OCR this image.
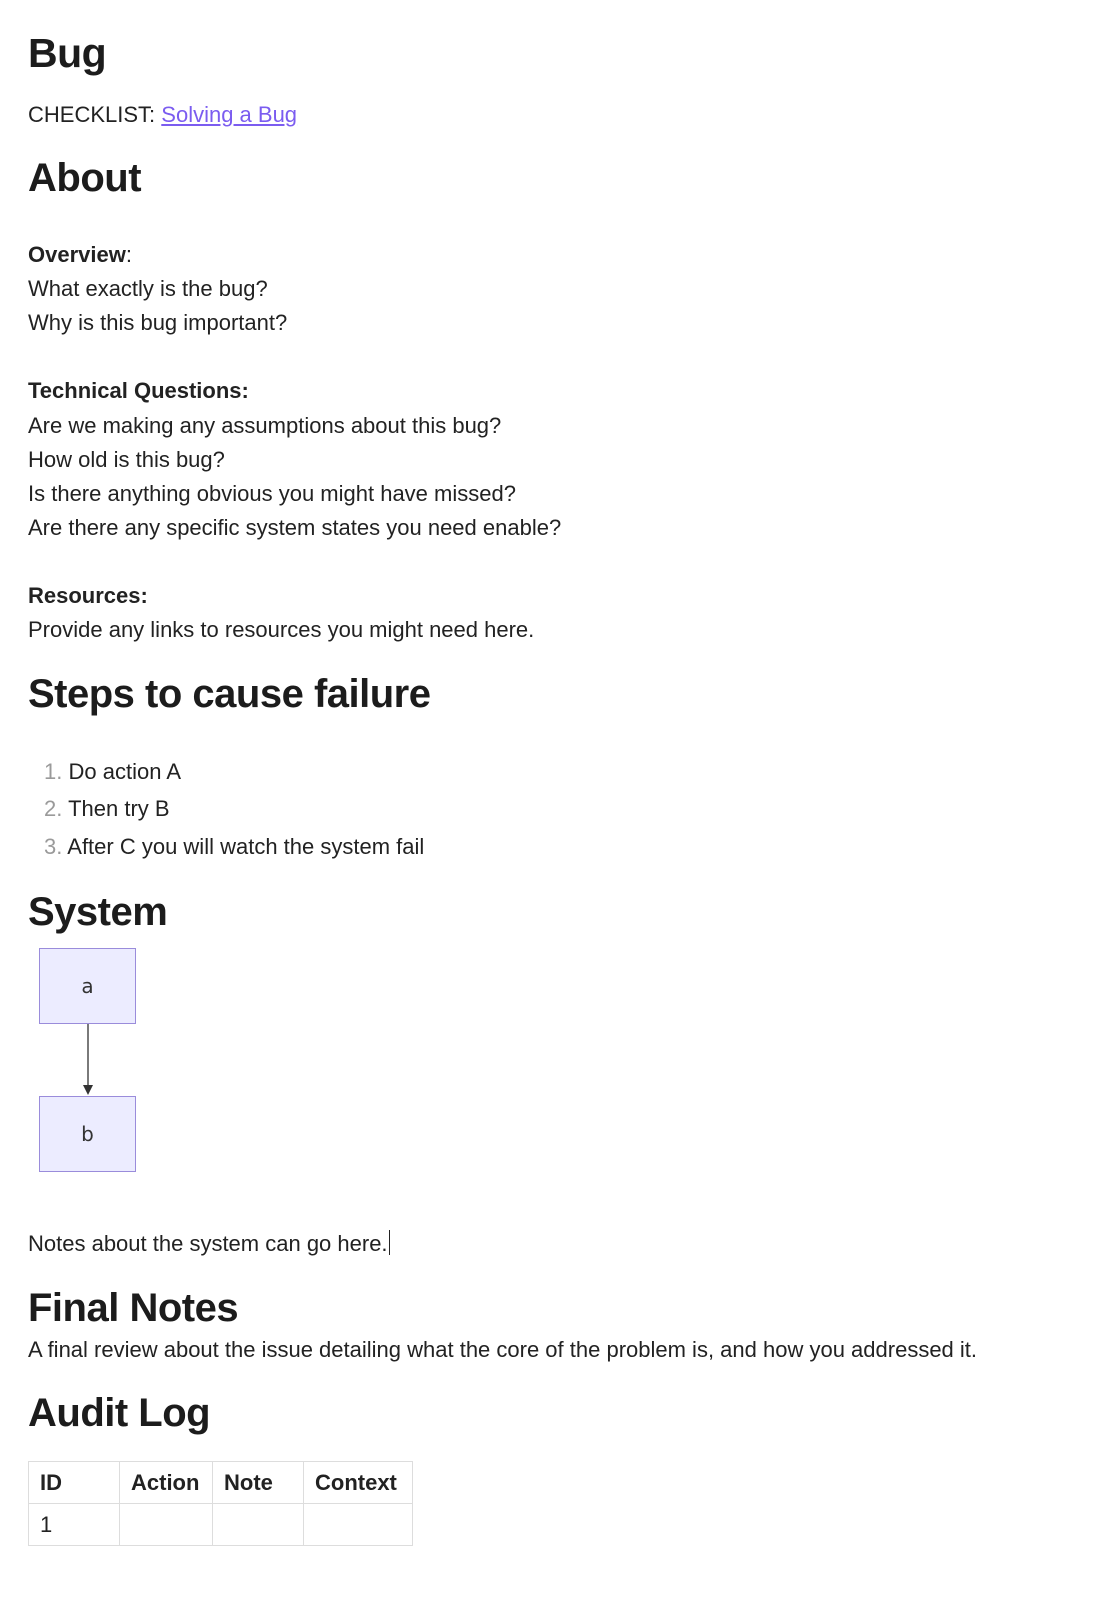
Bug
CHECKLIST: Solving a Bug
About
Overview:
What exactly is the bug?
Why is this bug important?
Technical Questions:
Are we making any assumptions about this bug?
How old is this bug?
Is there anything obvious you might have missed?
Are there any specific system states you need enable?
Resources:
Provide any links to resources you might need here.
Steps to cause failure
1. Do action A
2. Then try B
3. After C you will watch the system fail
System
a
b
Notes about the system can go here.
Final Notes
A final review about the issue detailing what the core of the problem is, and how you addressed it.
Audit Log
ID	Action	Note	Context
1			
